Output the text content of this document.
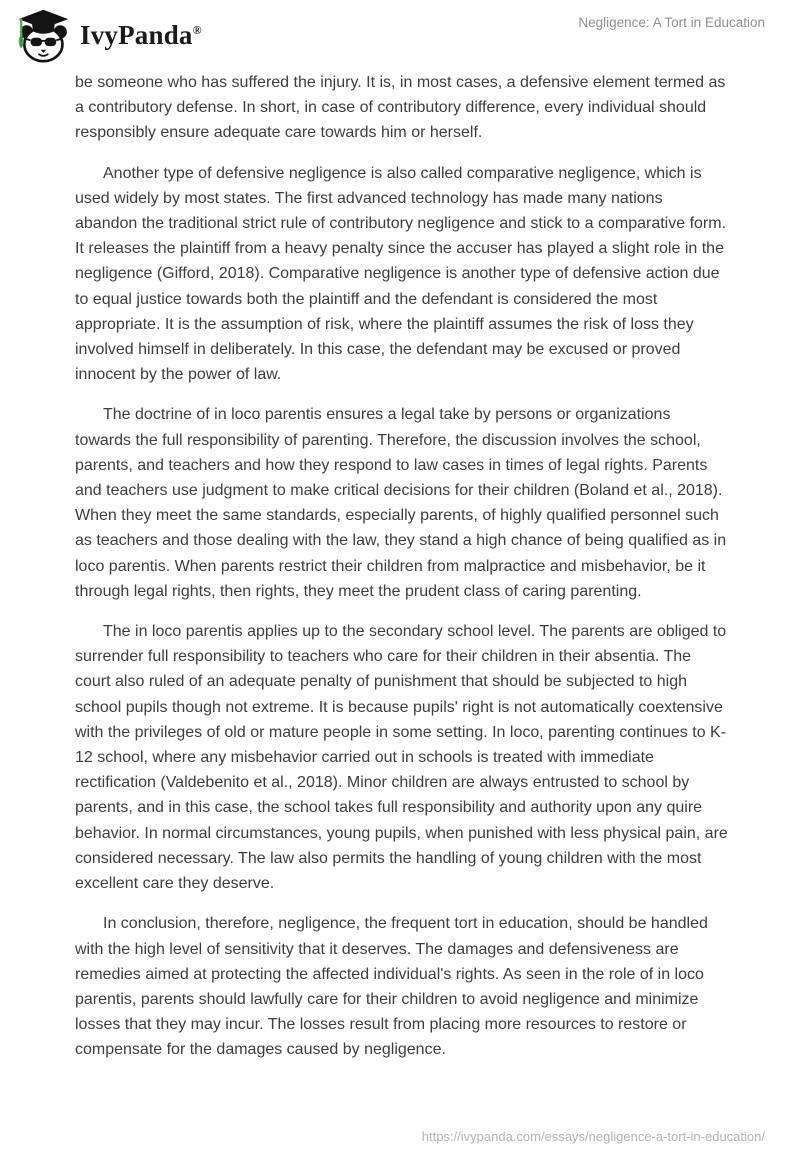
IvyPanda®	Negligence: A Tort in Education

be someone who has suffered the injury. It is, in most cases, a defensive element termed as a contributory defense. In short, in case of contributory difference, every individual should responsibly ensure adequate care towards him or herself.

Another type of defensive negligence is also called comparative negligence, which is used widely by most states. The first advanced technology has made many nations abandon the traditional strict rule of contributory negligence and stick to a comparative form. It releases the plaintiff from a heavy penalty since the accuser has played a slight role in the negligence (Gifford, 2018). Comparative negligence is another type of defensive action due to equal justice towards both the plaintiff and the defendant is considered the most appropriate. It is the assumption of risk, where the plaintiff assumes the risk of loss they involved himself in deliberately. In this case, the defendant may be excused or proved innocent by the power of law.

The doctrine of in loco parentis ensures a legal take by persons or organizations towards the full responsibility of parenting. Therefore, the discussion involves the school, parents, and teachers and how they respond to law cases in times of legal rights. Parents and teachers use judgment to make critical decisions for their children (Boland et al., 2018). When they meet the same standards, especially parents, of highly qualified personnel such as teachers and those dealing with the law, they stand a high chance of being qualified as in loco parentis. When parents restrict their children from malpractice and misbehavior, be it through legal rights, then rights, they meet the prudent class of caring parenting.

The in loco parentis applies up to the secondary school level. The parents are obliged to surrender full responsibility to teachers who care for their children in their absentia. The court also ruled of an adequate penalty of punishment that should be subjected to high school pupils though not extreme. It is because pupils' right is not automatically coextensive with the privileges of old or mature people in some setting. In loco, parenting continues to K-12 school, where any misbehavior carried out in schools is treated with immediate rectification (Valdebenito et al., 2018). Minor children are always entrusted to school by parents, and in this case, the school takes full responsibility and authority upon any quire behavior. In normal circumstances, young pupils, when punished with less physical pain, are considered necessary. The law also permits the handling of young children with the most excellent care they deserve.

In conclusion, therefore, negligence, the frequent tort in education, should be handled with the high level of sensitivity that it deserves. The damages and defensiveness are remedies aimed at protecting the affected individual's rights. As seen in the role of in loco parentis, parents should lawfully care for their children to avoid negligence and minimize losses that they may incur. The losses result from placing more resources to restore or compensate for the damages caused by negligence.

https://ivypanda.com/essays/negligence-a-tort-in-education/
